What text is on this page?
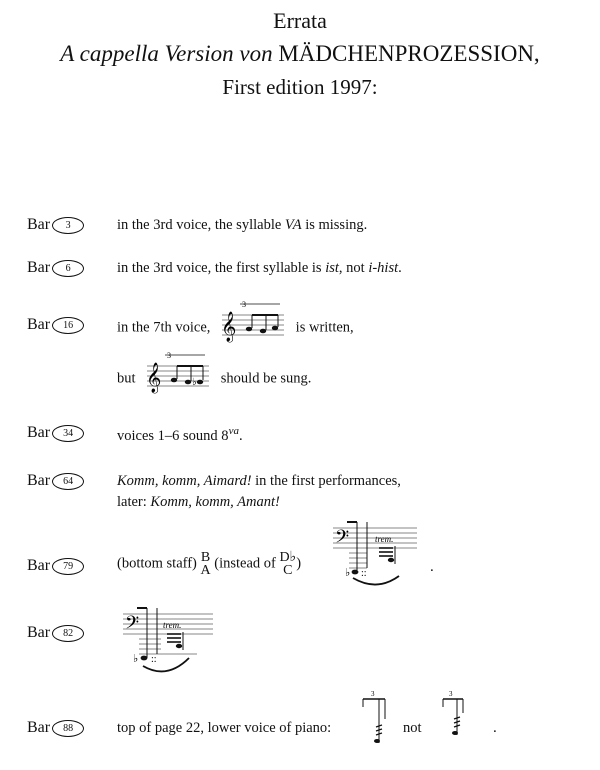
Errata
A cappella Version von MÄDCHENPROZESSION,
First edition 1997:
Bar	3	in the 3rd voice, the syllable VA is missing.
Bar	6	in the 3rd voice, the first syllable is ist, not i-hist.
Bar	16	in the 7th voice, 𝄞
3
is written,
but 𝄞
3
♭ should be sung.
Bar	34	voices 1–6 sound $8^{va}$.
Bar	64	Komm, komm, Aimard! in the first performances,
later: Komm, komm, Amant!
Bar	79	(bottom staff) B
A (instead of D♭
C )
𝄢	trem.
♭ ::	.
Bar	82	𝄢	trem.
♭ ::
Bar	88	top of page 22, lower voice of piano:
3
not
3
.
